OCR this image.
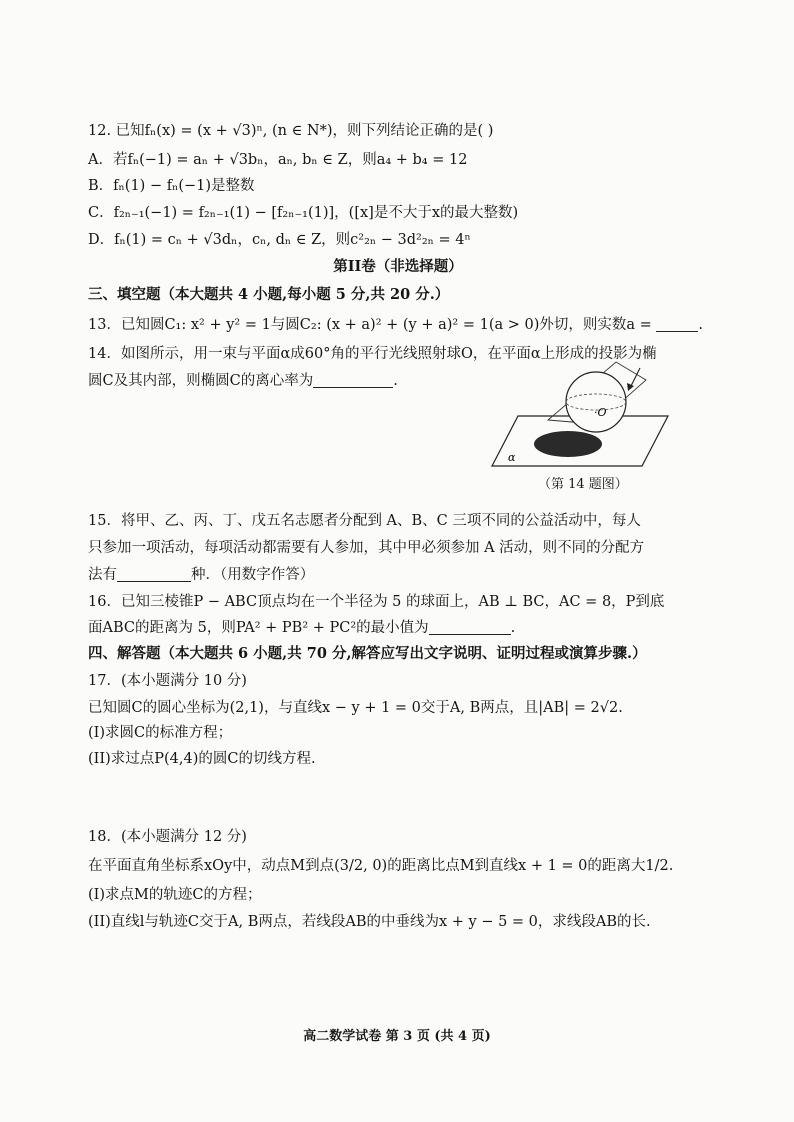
12. 已知fₙ(x) = (x + √3)ⁿ, (n ∈ N*)，则下列结论正确的是( )
A．若fₙ(−1) = aₙ + √3bₙ，aₙ, bₙ ∈ Z，则a₄ + b₄ = 12
B．fₙ(1) − fₙ(−1)是整数
C．f₂ₙ₋₁(−1) = f₂ₙ₋₁(1) − [f₂ₙ₋₁(1)]，([x]是不大于x的最大整数)
D．fₙ(1) = cₙ + √3dₙ，cₙ, dₙ ∈ Z，则c²₂ₙ − 3d²₂ₙ = 4ⁿ
第II卷（非选择题）
三、填空题（本大题共 4 小题,每小题 5 分,共 20 分.）
13．已知圆C₁: x² + y² = 1与圆C₂: (x + a)² + (y + a)² = 1(a > 0)外切，则实数a =	.
14．如图所示，用一束与平面α成60°角的平行光线照射球O，在平面α上形成的投影为椭
圆C及其内部，则椭圆C的离心率为	.
·O
α
（第 14 题图）
15．将甲、乙、丙、丁、戊五名志愿者分配到 A、B、C 三项不同的公益活动中，每人
只参加一项活动，每项活动都需要有人参加，其中甲必须参加 A 活动，则不同的分配方
法有	种．（用数字作答）
16．已知三棱锥P − ABC顶点均在一个半径为 5 的球面上，AB ⊥ BC，AC = 8，P到底
面ABC的距离为 5，则PA² + PB² + PC²的最小值为	.
四、解答题（本大题共 6 小题,共 70 分,解答应写出文字说明、证明过程或演算步骤.）
17．(本小题满分 10 分)
已知圆C的圆心坐标为(2,1)，与直线x − y + 1 = 0交于A, B两点，且|AB| = 2√2.
(I)求圆C的标准方程；
(II)求过点P(4,4)的圆C的切线方程.
18．(本小题满分 12 分)
在平面直角坐标系xOy中，动点M到点(3/2, 0)的距离比点M到直线x + 1 = 0的距离大1/2.
(I)求点M的轨迹C的方程；
(II)直线l与轨迹C交于A, B两点，若线段AB的中垂线为x + y − 5 = 0，求线段AB的长.
高二数学试卷 第 3 页 (共 4 页)
